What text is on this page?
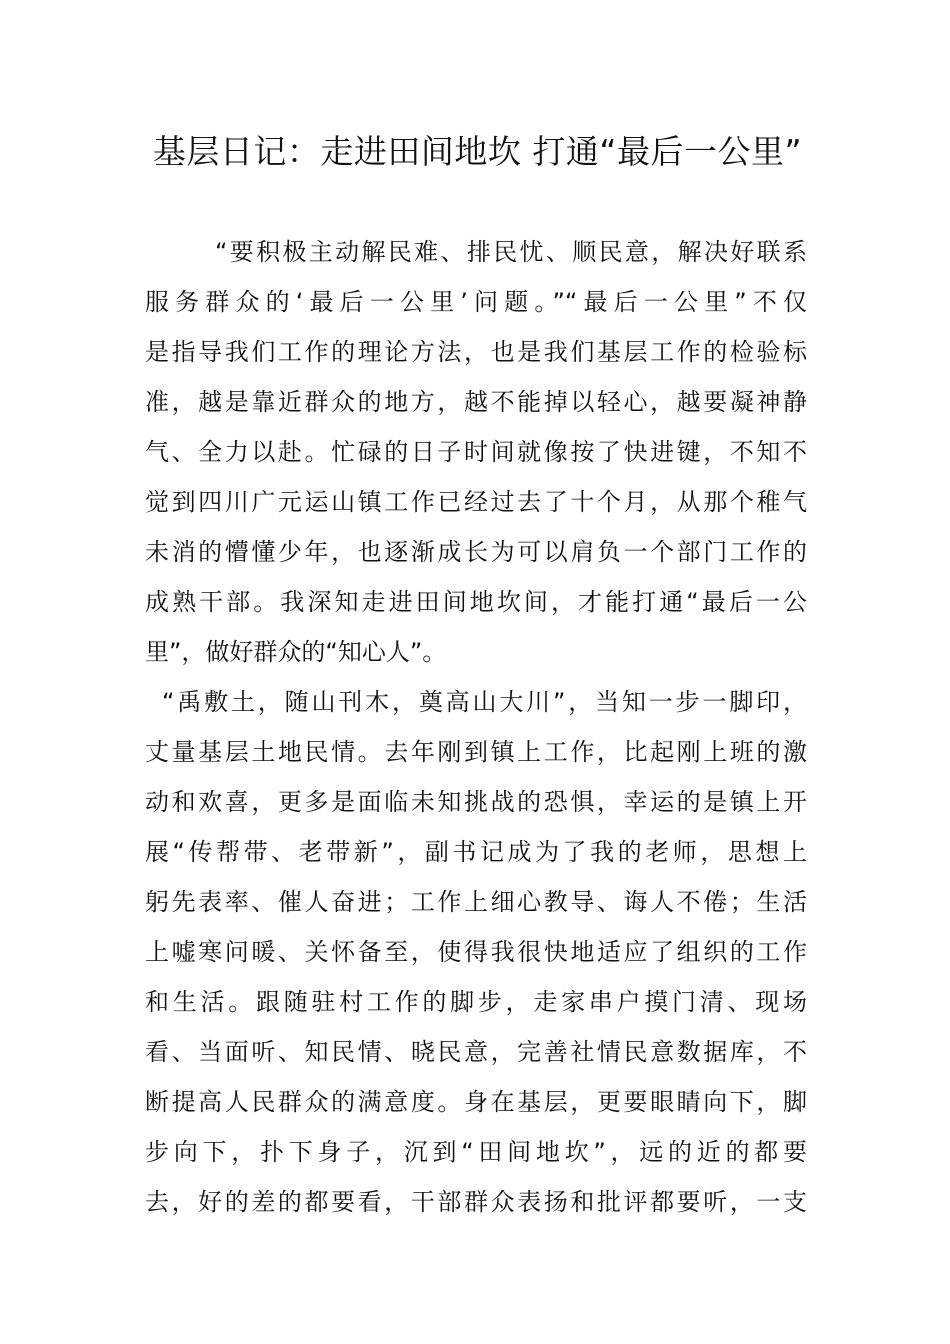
基层日记：走进田间地坎 打通“最后一公里”
“要积极主动解民难、排民忧、顺民意，解决好联系
服务群众的‘最后一公里’问题。”“最后一公里”不仅
是指导我们工作的理论方法，也是我们基层工作的检验标
准，越是靠近群众的地方，越不能掉以轻心，越要凝神静
气、全力以赴。忙碌的日子时间就像按了快进键，不知不
觉到四川广元运山镇工作已经过去了十个月，从那个稚气
未消的懵懂少年，也逐渐成长为可以肩负一个部门工作的
成熟干部。我深知走进田间地坎间，才能打通“最后一公
里”，做好群众的“知心人”。
“禹敷土，随山刊木，奠高山大川”，当知一步一脚印，
丈量基层土地民情。去年刚到镇上工作，比起刚上班的激
动和欢喜，更多是面临未知挑战的恐惧，幸运的是镇上开
展“传帮带、老带新”，副书记成为了我的老师，思想上
躬先表率、催人奋进；工作上细心教导、诲人不倦；生活
上嘘寒问暖、关怀备至，使得我很快地适应了组织的工作
和生活。跟随驻村工作的脚步，走家串户摸门清、现场
看、当面听、知民情、晓民意，完善社情民意数据库，不
断提高人民群众的满意度。身在基层，更要眼睛向下，脚
步向下，扑下身子，沉到“田间地坎”，远的近的都要
去，好的差的都要看，干部群众表扬和批评都要听，一支
